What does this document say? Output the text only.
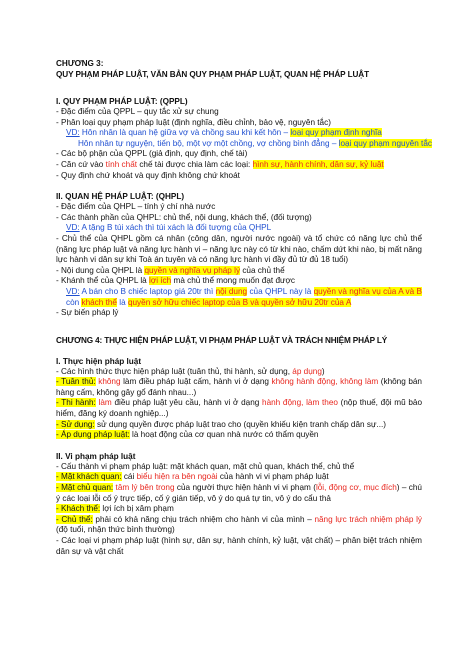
CHƯƠNG 3:
QUY PHẠM PHÁP LUẬT, VĂN BẢN QUY PHẠM PHÁP LUẬT, QUAN HỆ PHÁP LUẬT
I. QUY PHẠM PHÁP LUẬT: (QPPL)
- Đặc điểm của QPPL – quy tắc xử sự chung
- Phân loại quy phạm pháp luật (định nghĩa, điều chỉnh, bảo vệ, nguyên tắc)
VD: Hôn nhân là quan hệ giữa vợ và chồng sau khi kết hôn – loại quy phạm định nghĩa
Hôn nhân tự nguyện, tiến bộ, một vợ một chồng, vợ chồng bình đẳng – loại quy phạm nguyên tắc
- Các bộ phận của QPPL (giả định, quy định, chế tài)
- Căn cứ vào tính chất chế tài được chia làm các loại: hình sự, hành chính, dân sự, kỷ luật
- Quy định chứ khoát và quy định không chứ khoát
II. QUAN HỆ PHÁP LUẬT: (QHPL)
- Đặc điểm của QHPL – tính ý chí nhà nước
- Các thành phần của QHPL: chủ thể, nội dung, khách thể, (đối tượng)
VD: A tặng B túi xách thì túi xách là đối tượng của QHPL
- Chủ thể của QHPL gồm cá nhân (công dân, người nước ngoài) và tổ chức có năng lực chủ thể (năng lực pháp luật và năng lực hành vi – năng lực này có từ khi nào, chấm dứt khi nào, bị mất năng lực hành vi dân sự khi Toà án tuyên và có năng lực hành vi đầy đủ từ đủ 18 tuổi)
- Nội dung của QHPL là quyền và nghĩa vụ pháp lý của chủ thể
- Khánh thể của QHPL là lợi ích mà chủ thể mong muốn đạt được
VD: A bán cho B chiếc laptop giá 20tr thì nội dung của QHPL này là quyền và nghĩa vụ của A và B còn khách thể là quyền sở hữu chiếc laptop của B và quyền sở hữu 20tr của A
- Sự biến pháp lý
CHƯƠNG 4: THỰC HIỆN PHÁP LUẬT, VI PHẠM PHÁP LUẬT VÀ TRÁCH NHIỆM PHÁP LÝ
I. Thực hiện pháp luật
- Các hình thức thực hiện pháp luật (tuân thủ, thi hành, sử dụng, áp dụng)
- Tuân thủ: không làm điều pháp luật cấm, hành vi ở dạng không hành động, không làm (không bán hàng cấm, không gây gổ đánh nhau...)
- Thi hành: làm điều pháp luật yêu cầu, hành vi ở dạng hành động, làm theo (nộp thuế, đội mũ bảo hiểm, đăng ký doanh nghiệp...)
- Sử dụng: sử dụng quyền được pháp luật trao cho (quyền khiếu kiện tranh chấp dân sự...)
- Áp dụng pháp luật: là hoạt động của cơ quan nhà nước có thẩm quyền
II. Vi phạm pháp luật
- Cấu thành vi phạm pháp luật: mặt khách quan, mặt chủ quan, khách thể, chủ thể
- Mặt khách quan: cái biểu hiện ra bên ngoài của hành vi vi phạm pháp luật
- Mặt chủ quan: tâm lý bên trong của người thực hiện hành vi vi phạm (lỗi, động cơ, mục đích) – chú ý các loại lỗi cố ý trực tiếp, cố ý gián tiếp, vô ý do quá tự tin, vô ý do cẩu thả
- Khách thể: lợi ích bị xâm phạm
- Chủ thể: phải có khả năng chịu trách nhiệm cho hành vi của mình – năng lực trách nhiệm pháp lý (độ tuổi, nhận thức bình thường)
- Các loại vi phạm pháp luật (hình sự, dân sự, hành chính, kỷ luật, vật chất) – phân biệt trách nhiệm dân sự và vật chất
